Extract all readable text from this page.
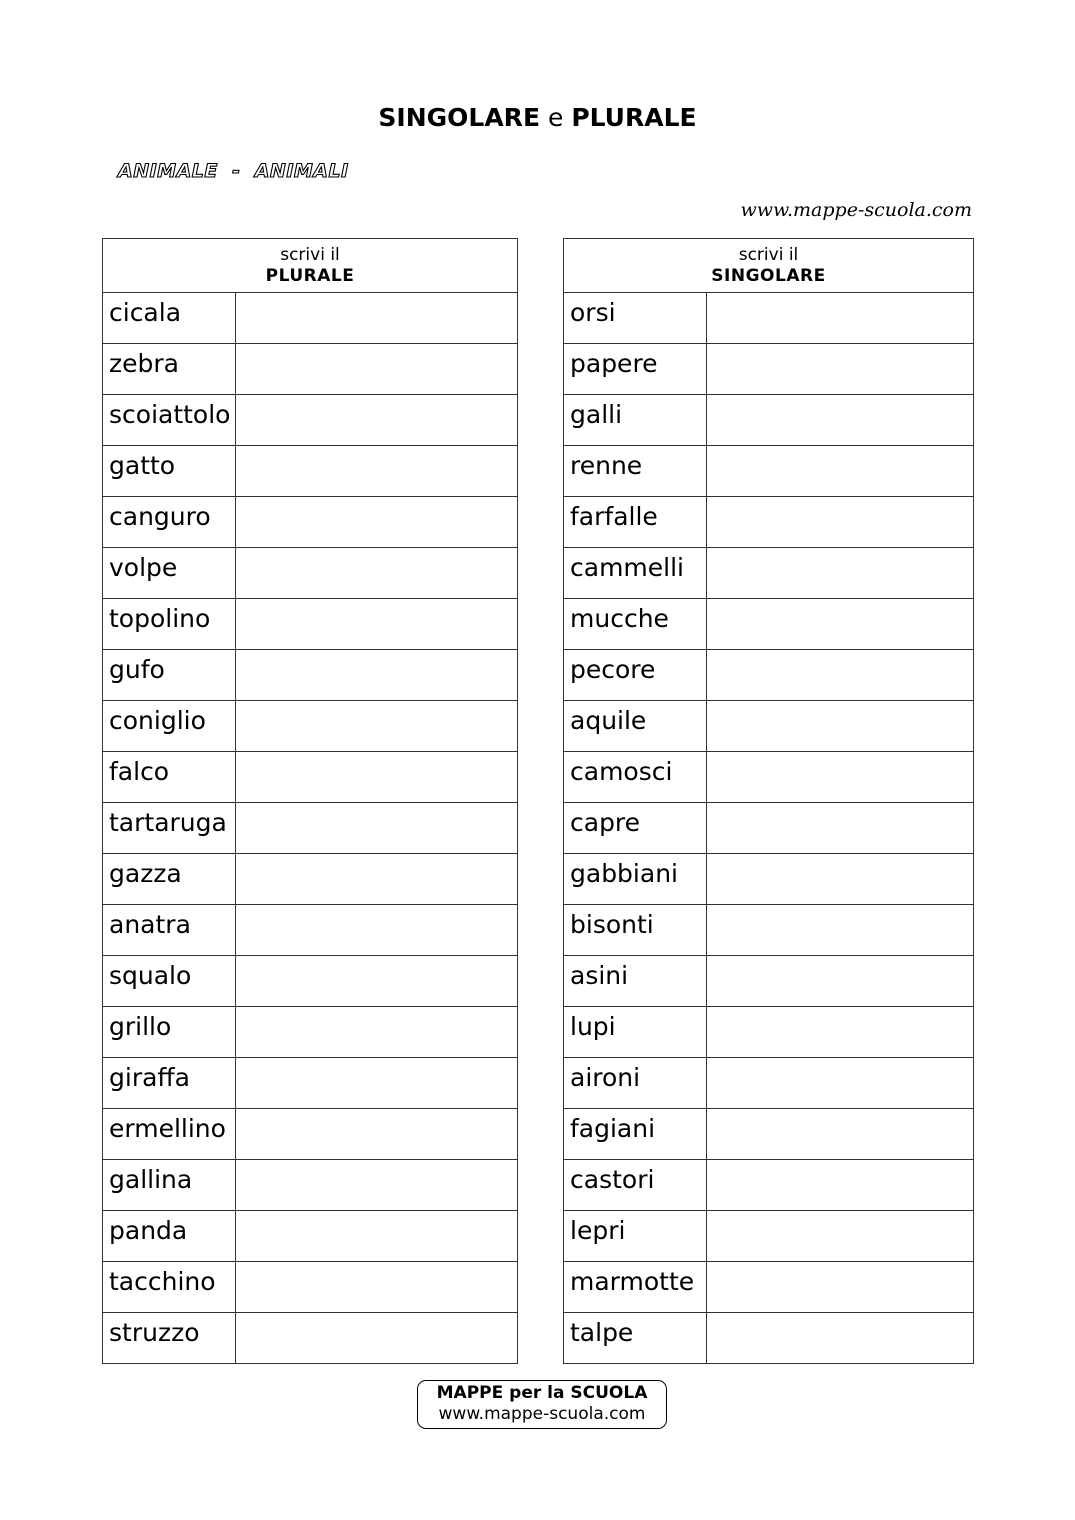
SINGOLARE e PLURALE
ANIMALE  -  ANIMALI
www.mappe-scuola.com
scrivi il
PLURALE	

cicala	
zebra	
scoiattolo	
gatto	
canguro	
volpe	
topolino	
gufo	
coniglio	
falco	
tartaruga	
gazza	
anatra	
squalo	
grillo	
giraffa	
ermellino	
gallina	
panda	
tacchino	
struzzo	
scrivi il
SINGOLARE	

orsi	
papere	
galli	
renne	
farfalle	
cammelli	
mucche	
pecore	
aquile	
camosci	
capre	
gabbiani	
bisonti	
asini	
lupi	
aironi	
fagiani	
castori	
lepri	
marmotte	
talpe	
MAPPE per la SCUOLA
www.mappe-scuola.com
